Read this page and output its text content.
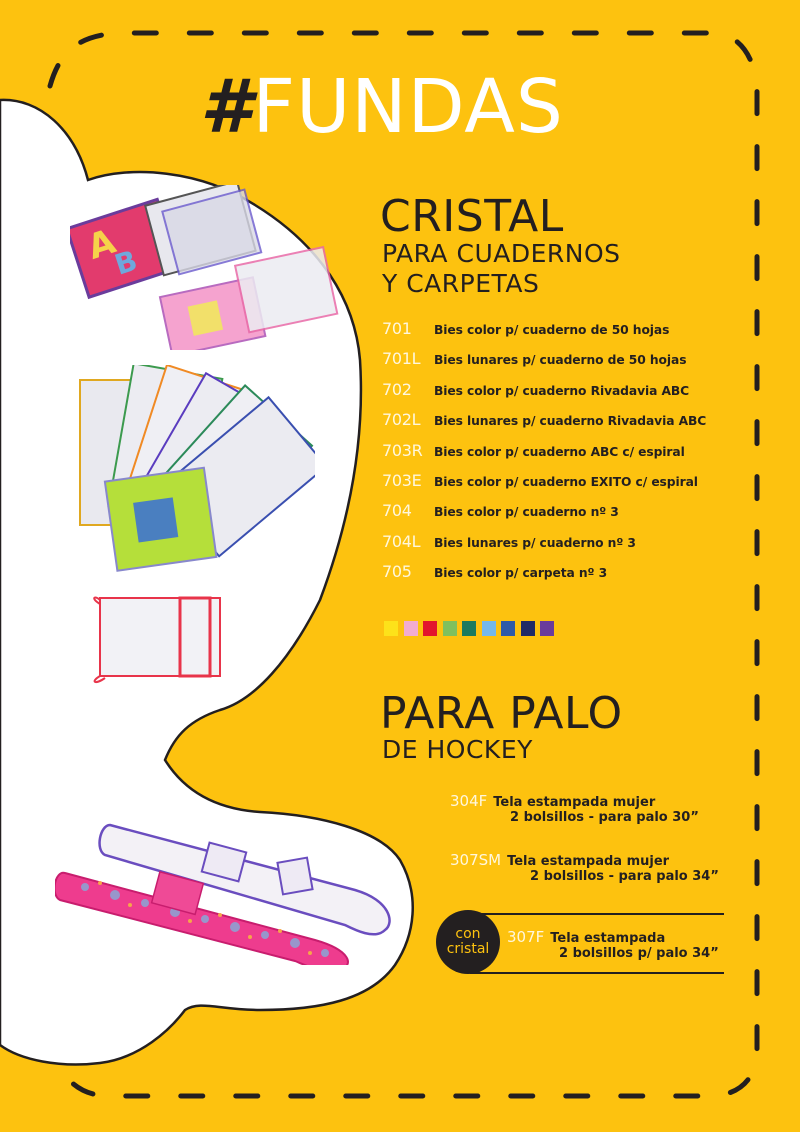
#FUNDAS
A
B
CRISTAL
PARA CUADERNOS
Y CARPETAS
701	Bies color p/ cuaderno de 50 hojas
701L	Bies lunares p/ cuaderno de 50 hojas
702	Bies color p/ cuaderno Rivadavia ABC
702L	Bies lunares p/ cuaderno Rivadavia ABC
703R Bies color p/ cuaderno ABC c/ espiral
703E	Bies color p/ cuaderno EXITO c/ espiral
704	Bies color p/ cuaderno nº 3
704L	Bies lunares p/ cuaderno nº 3
705	Bies color p/ carpeta nº 3
PARA PALO
DE HOCKEY
304F Tela estampada mujer
2 bolsillos - para palo 30”
307SM Tela estampada mujer
2 bolsillos - para palo 34”
con
cristal
307F Tela estampada
2 bolsillos p/ palo 34”
